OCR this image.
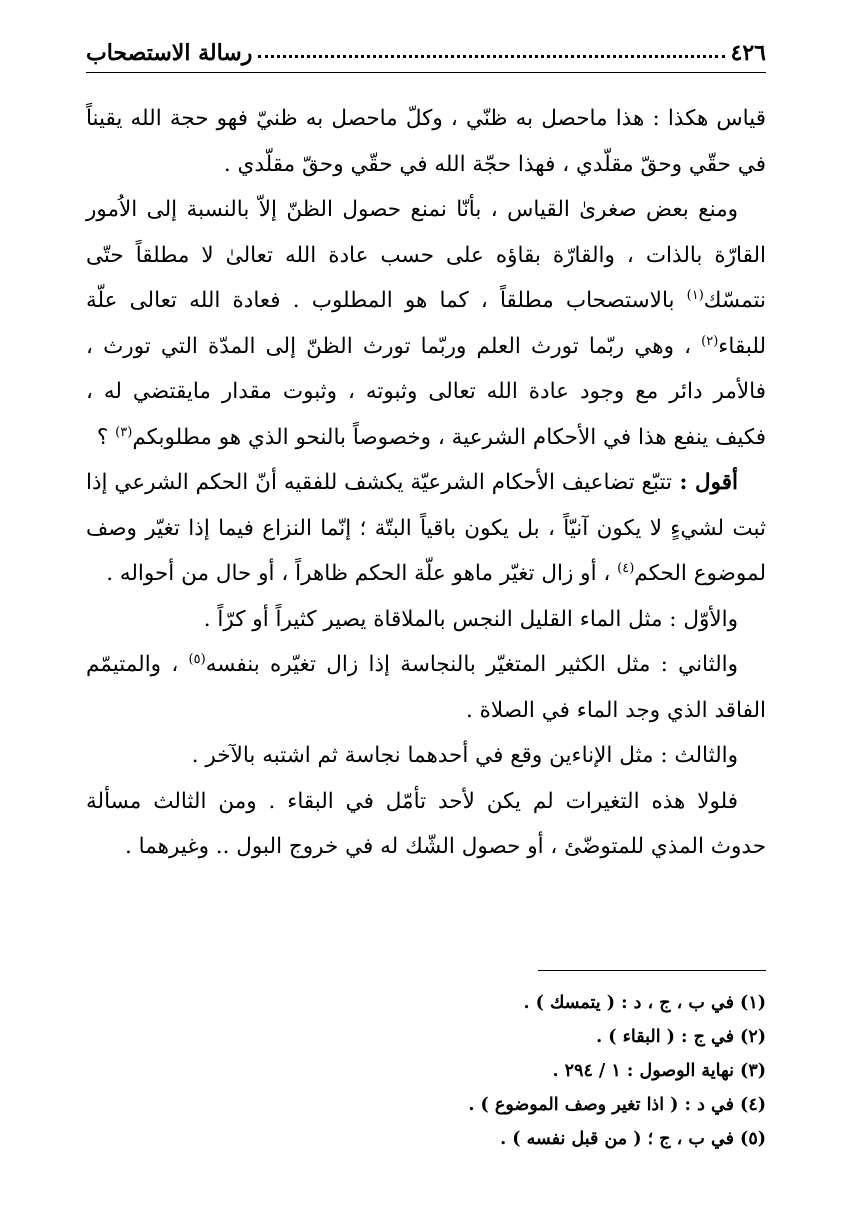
٤٢٦
رسالة الاستصحاب

قياس هكذا : هذا ماحصل به ظنّي ، وكلّ ماحصل به ظنيّ فهو حجة الله يقيناً في حقّي وحقّ مقلّدي ، فهذا حجّة الله في حقّي وحقّ مقلّدي .

ومنع بعض صغرىٰ القياس ، بأنّا نمنع حصول الظنّ إلاّ بالنسبة إلى الاُمور القارّة بالذات ، والقارّة بقاؤه على حسب عادة الله تعالىٰ لا مطلقاً حتّى نتمسّك$^{(١)}$ بالاستصحاب مطلقاً ، كما هو المطلوب . فعادة الله تعالى علّة للبقاء$^{(٢)}$ ، وهي ربّما تورث العلم وربّما تورث الظنّ إلى المدّة التي تورث ، فالأمر دائر مع وجود عادة الله تعالى وثبوته ، وثبوت مقدار مايقتضي له ، فكيف ينفع هذا في الأحكام الشرعية ، وخصوصاً بالنحو الذي هو مطلوبكم$^{(٣)}$ ؟

أقول : تتبّع تضاعيف الأحكام الشرعيّة يكشف للفقيه أنّ الحكم الشرعي إذا ثبت لشيءٍ لا يكون آنيّاً ، بل يكون باقياً البتّة ؛ إنّما النزاع فيما إذا تغيّر وصف لموضوع الحكم$^{(٤)}$ ، أو زال تغيّر ماهو علّة الحكم ظاهراً ، أو حال من أحواله .

والأوّل : مثل الماء القليل النجس بالملاقاة يصير كثيراً أو كرّاً .

والثاني : مثل الكثير المتغيّر بالنجاسة إذا زال تغيّره بنفسه$^{(٥)}$ ، والمتيمّم الفاقد الذي وجد الماء في الصلاة .

والثالث : مثل الإناءين وقع في أحدهما نجاسة ثم اشتبه بالآخر .

فلولا هذه التغيرات لم يكن لأحد تأمّل في البقاء . ومن الثالث مسألة حدوث المذي للمتوضّئ ، أو حصول الشّك له في خروج البول .. وغيرهما .

(١) في ب ، ج ، د : ( يتمسك ) .
(٢) في ج : ( البقاء ) .
(٣) نهاية الوصول : ١ / ٢٩٤ .
(٤) في د : ( اذا تغير وصف الموضوع ) .
(٥) في ب ، ج ؛ ( من قبل نفسه ) .
